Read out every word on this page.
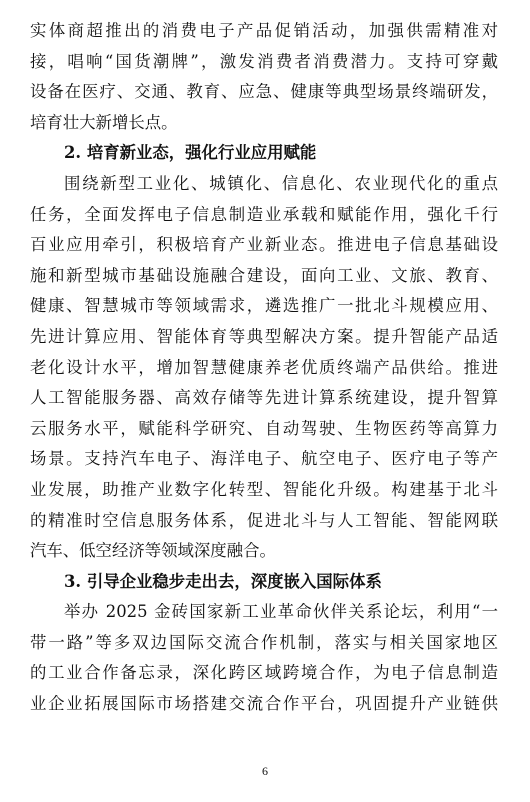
实体商超推出的消费电子产品促销活动，加强供需精准对
接，唱响“国货潮牌”，激发消费者消费潜力。支持可穿戴
设备在医疗、交通、教育、应急、健康等典型场景终端研发，
培育壮大新增长点。
2. 培育新业态，强化行业应用赋能
围绕新型工业化、城镇化、信息化、农业现代化的重点
任务，全面发挥电子信息制造业承载和赋能作用，强化千行
百业应用牵引，积极培育产业新业态。推进电子信息基础设
施和新型城市基础设施融合建设，面向工业、文旅、教育、
健康、智慧城市等领域需求，遴选推广一批北斗规模应用、
先进计算应用、智能体育等典型解决方案。提升智能产品适
老化设计水平，增加智慧健康养老优质终端产品供给。推进
人工智能服务器、高效存储等先进计算系统建设，提升智算
云服务水平，赋能科学研究、自动驾驶、生物医药等高算力
场景。支持汽车电子、海洋电子、航空电子、医疗电子等产
业发展，助推产业数字化转型、智能化升级。构建基于北斗
的精准时空信息服务体系，促进北斗与人工智能、智能网联
汽车、低空经济等领域深度融合。
3. 引导企业稳步走出去，深度嵌入国际体系
举办 2025 金砖国家新工业革命伙伴关系论坛，利用“一
带一路”等多双边国际交流合作机制，落实与相关国家地区
的工业合作备忘录，深化跨区域跨境合作，为电子信息制造
业企业拓展国际市场搭建交流合作平台，巩固提升产业链供
6
